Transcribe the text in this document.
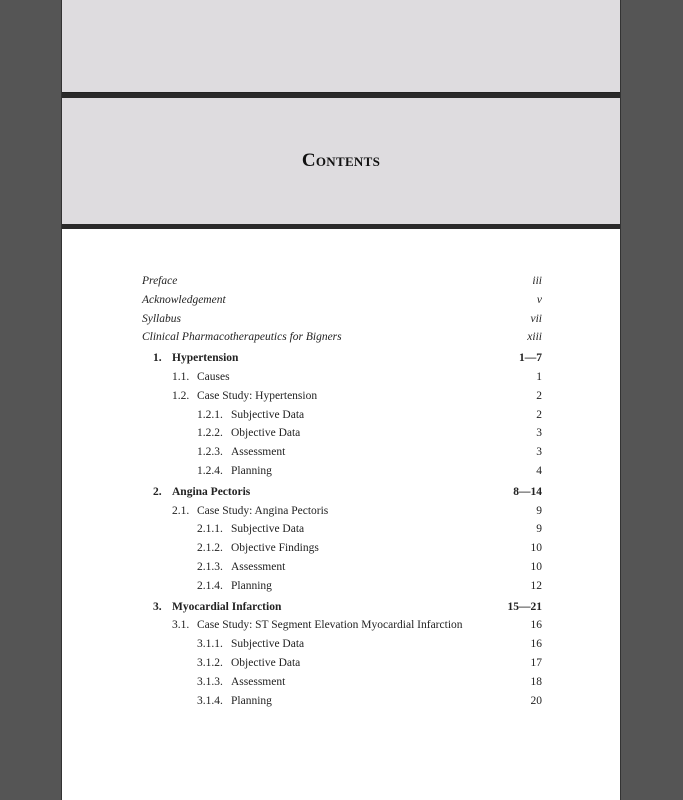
Contents
Preface	iii
Acknowledgement	v
Syllabus	vii
Clinical Pharmacotherapeutics for Bigners	xiii
1. Hypertension	1—7
1.1. Causes	1
1.2. Case Study: Hypertension	2
1.2.1. Subjective Data	2
1.2.2. Objective Data	3
1.2.3. Assessment	3
1.2.4. Planning	4
2. Angina Pectoris	8—14
2.1. Case Study: Angina Pectoris	9
2.1.1. Subjective Data	9
2.1.2. Objective Findings	10
2.1.3. Assessment	10
2.1.4. Planning	12
3. Myocardial Infarction	15—21
3.1. Case Study: ST Segment Elevation Myocardial Infarction	16
3.1.1. Subjective Data	16
3.1.2. Objective Data	17
3.1.3. Assessment	18
3.1.4. Planning	20
